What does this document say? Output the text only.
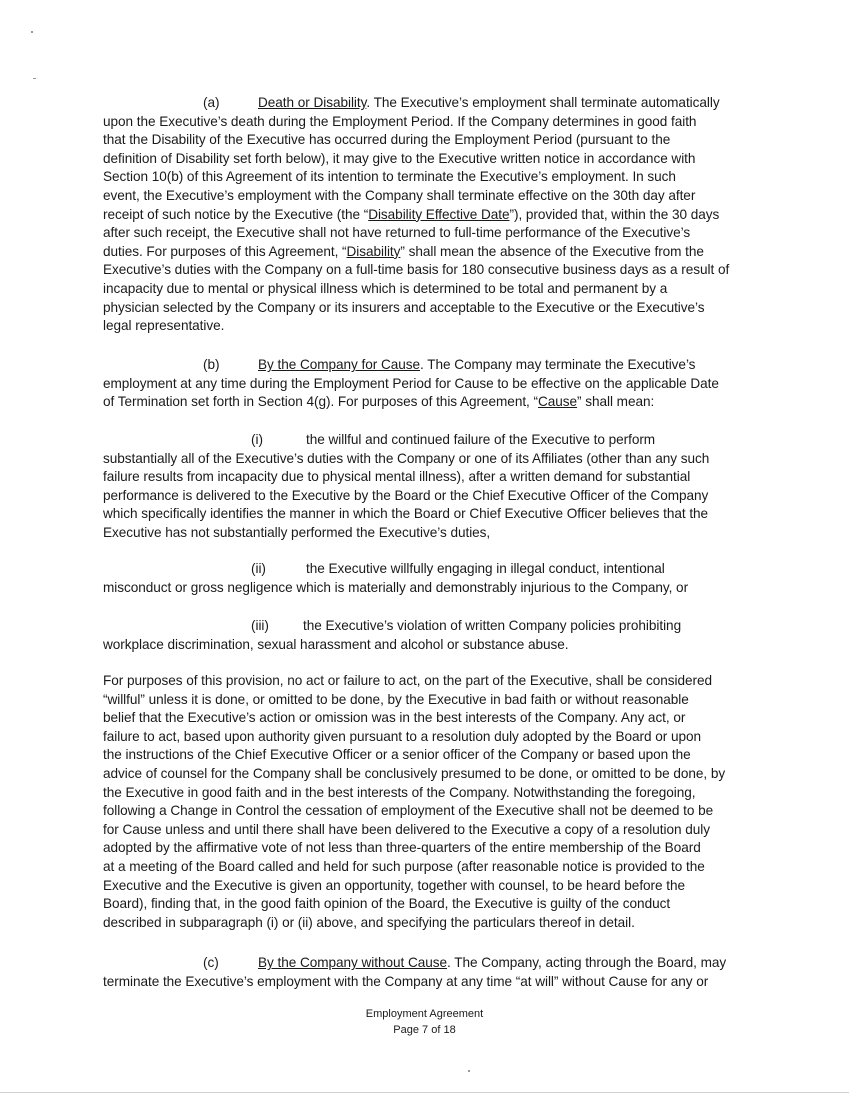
(a)	Death or Disability. The Executive’s employment shall terminate automatically
upon the Executive’s death during the Employment Period. If the Company determines in good faith
that the Disability of the Executive has occurred during the Employment Period (pursuant to the
definition of Disability set forth below), it may give to the Executive written notice in accordance with
Section 10(b) of this Agreement of its intention to terminate the Executive’s employment. In such
event, the Executive’s employment with the Company shall terminate effective on the 30th day after
receipt of such notice by the Executive (the “Disability Effective Date”), provided that, within the 30 days
after such receipt, the Executive shall not have returned to full-time performance of the Executive’s
duties. For purposes of this Agreement, “Disability” shall mean the absence of the Executive from the
Executive’s duties with the Company on a full-time basis for 180 consecutive business days as a result of
incapacity due to mental or physical illness which is determined to be total and permanent by a
physician selected by the Company or its insurers and acceptable to the Executive or the Executive’s
legal representative.
(b)	By the Company for Cause. The Company may terminate the Executive’s
employment at any time during the Employment Period for Cause to be effective on the applicable Date
of Termination set forth in Section 4(g). For purposes of this Agreement, “Cause” shall mean:
(i)	the willful and continued failure of the Executive to perform
substantially all of the Executive’s duties with the Company or one of its Affiliates (other than any such
failure results from incapacity due to physical mental illness), after a written demand for substantial
performance is delivered to the Executive by the Board or the Chief Executive Officer of the Company
which specifically identifies the manner in which the Board or Chief Executive Officer believes that the
Executive has not substantially performed the Executive’s duties,
(ii)	the Executive willfully engaging in illegal conduct, intentional
misconduct or gross negligence which is materially and demonstrably injurious to the Company, or
(iii)	the Executive’s violation of written Company policies prohibiting
workplace discrimination, sexual harassment and alcohol or substance abuse.
For purposes of this provision, no act or failure to act, on the part of the Executive, shall be considered
“willful” unless it is done, or omitted to be done, by the Executive in bad faith or without reasonable
belief that the Executive’s action or omission was in the best interests of the Company. Any act, or
failure to act, based upon authority given pursuant to a resolution duly adopted by the Board or upon
the instructions of the Chief Executive Officer or a senior officer of the Company or based upon the
advice of counsel for the Company shall be conclusively presumed to be done, or omitted to be done, by
the Executive in good faith and in the best interests of the Company. Notwithstanding the foregoing,
following a Change in Control the cessation of employment of the Executive shall not be deemed to be
for Cause unless and until there shall have been delivered to the Executive a copy of a resolution duly
adopted by the affirmative vote of not less than three-quarters of the entire membership of the Board
at a meeting of the Board called and held for such purpose (after reasonable notice is provided to the
Executive and the Executive is given an opportunity, together with counsel, to be heard before the
Board), finding that, in the good faith opinion of the Board, the Executive is guilty of the conduct
described in subparagraph (i) or (ii) above, and specifying the particulars thereof in detail.
(c)	By the Company without Cause. The Company, acting through the Board, may
terminate the Executive’s employment with the Company at any time “at will” without Cause for any or
Employment Agreement
Page 7 of 18
